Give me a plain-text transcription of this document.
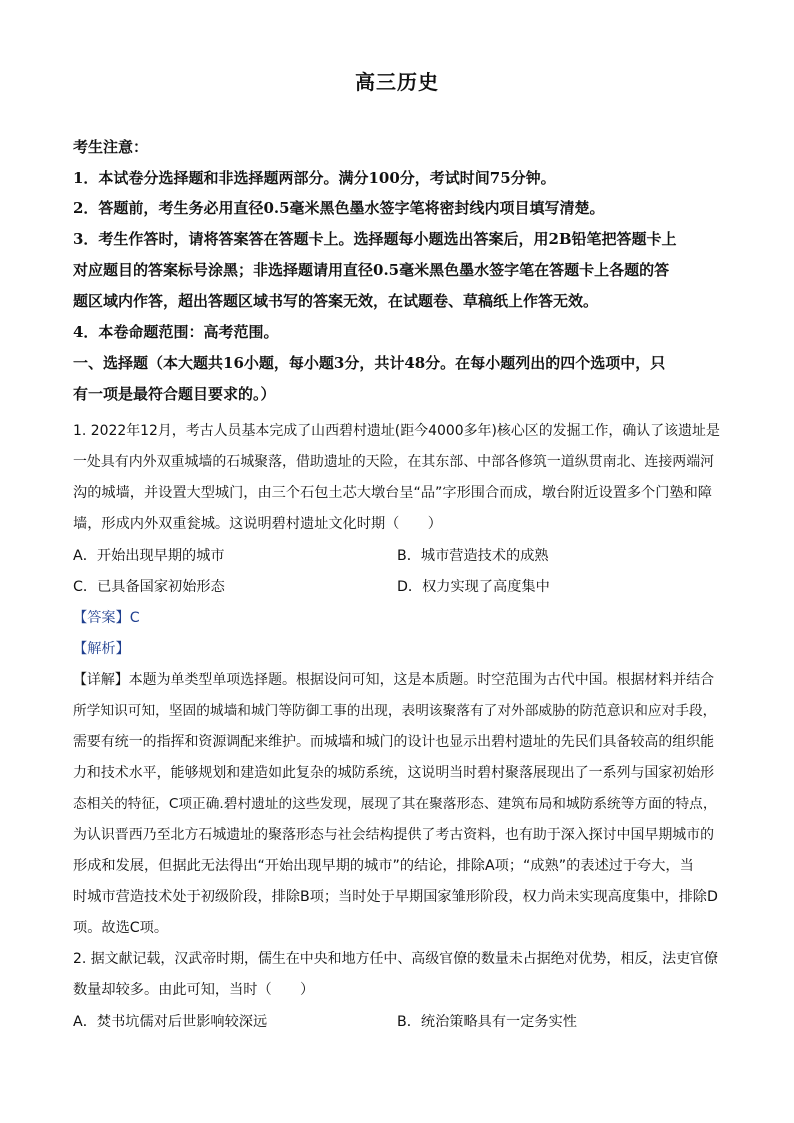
高三历史
考生注意：
1．本试卷分选择题和非选择题两部分。满分100分，考试时间75分钟。
2．答题前，考生务必用直径0.5毫米黑色墨水签字笔将密封线内项目填写清楚。
3．考生作答时，请将答案答在答题卡上。选择题每小题选出答案后，用2B铅笔把答题卡上
对应题目的答案标号涂黑；非选择题请用直径0.5毫米黑色墨水签字笔在答题卡上各题的答
题区域内作答，超出答题区域书写的答案无效，在试题卷、草稿纸上作答无效。
4．本卷命题范围：高考范围。
一、选择题（本大题共16小题，每小题3分，共计48分。在每小题列出的四个选项中，只
有一项是最符合题目要求的。）
1. 2022年12月，考古人员基本完成了山西碧村遗址(距今4000多年)核心区的发掘工作，确认了该遗址是
一处具有内外双重城墙的石城聚落，借助遗址的天险，在其东部、中部各修筑一道纵贯南北、连接两端河
沟的城墙，并设置大型城门，由三个石包土芯大墩台呈“品”字形围合而成，墩台附近设置多个门塾和障
墙，形成内外双重瓮城。这说明碧村遗址文化时期（　　）
A．开始出现早期的城市	B．城市营造技术的成熟
C．已具备国家初始形态	D．权力实现了高度集中
【答案】C
【解析】
【详解】本题为单类型单项选择题。根据设问可知，这是本质题。时空范围为古代中国。根据材料并结合
所学知识可知，坚固的城墙和城门等防御工事的出现，表明该聚落有了对外部威胁的防范意识和应对手段，
需要有统一的指挥和资源调配来维护。而城墙和城门的设计也显示出碧村遗址的先民们具备较高的组织能
力和技术水平，能够规划和建造如此复杂的城防系统，这说明当时碧村聚落展现出了一系列与国家初始形
态相关的特征，C项正确.碧村遗址的这些发现，展现了其在聚落形态、建筑布局和城防系统等方面的特点，
为认识晋西乃至北方石城遗址的聚落形态与社会结构提供了考古资料，也有助于深入探讨中国早期城市的
形成和发展，但据此无法得出“开始出现早期的城市”的结论，排除A项；“成熟”的表述过于夸大，当
时城市营造技术处于初级阶段，排除B项；当时处于早期国家雏形阶段，权力尚未实现高度集中，排除D
项。故选C项。
2. 据文献记载，汉武帝时期，儒生在中央和地方任中、高级官僚的数量未占据绝对优势，相反，法吏官僚
数量却较多。由此可知，当时（　　）
A．焚书坑儒对后世影响较深远	B．统治策略具有一定务实性
